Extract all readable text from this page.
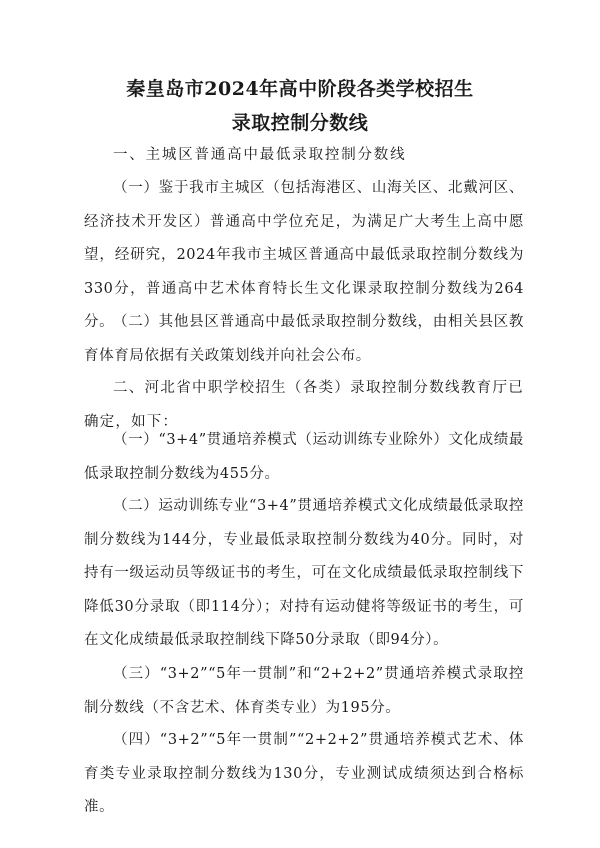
秦皇岛市2024年高中阶段各类学校招生
录取控制分数线
一、主城区普通高中最低录取控制分数线
（一）鉴于我市主城区（包括海港区、山海关区、北戴河区、经济技术开发区）普通高中学位充足，为满足广大考生上高中愿望，经研究，2024年我市主城区普通高中最低录取控制分数线为330分，普通高中艺术体育特长生文化课录取控制分数线为264分。
（二）其他县区普通高中最低录取控制分数线，由相关县区教育体育局依据有关政策划线并向社会公布。
二、河北省中职学校招生（各类）录取控制分数线教育厅已确定，如下：
（一）“3+4”贯通培养模式（运动训练专业除外）文化成绩最低录取控制分数线为455分。
（二）运动训练专业“3+4”贯通培养模式文化成绩最低录取控制分数线为144分，专业最低录取控制分数线为40分。同时，对持有一级运动员等级证书的考生，可在文化成绩最低录取控制线下降低30分录取（即114分）；对持有运动健将等级证书的考生，可在文化成绩最低录取控制线下降50分录取（即94分）。
（三）“3+2”“5年一贯制”和“2+2+2”贯通培养模式录取控制分数线（不含艺术、体育类专业）为195分。
（四）“3+2”“5年一贯制”“2+2+2”贯通培养模式艺术、体育类专业录取控制分数线为130分，专业测试成绩须达到合格标准。
